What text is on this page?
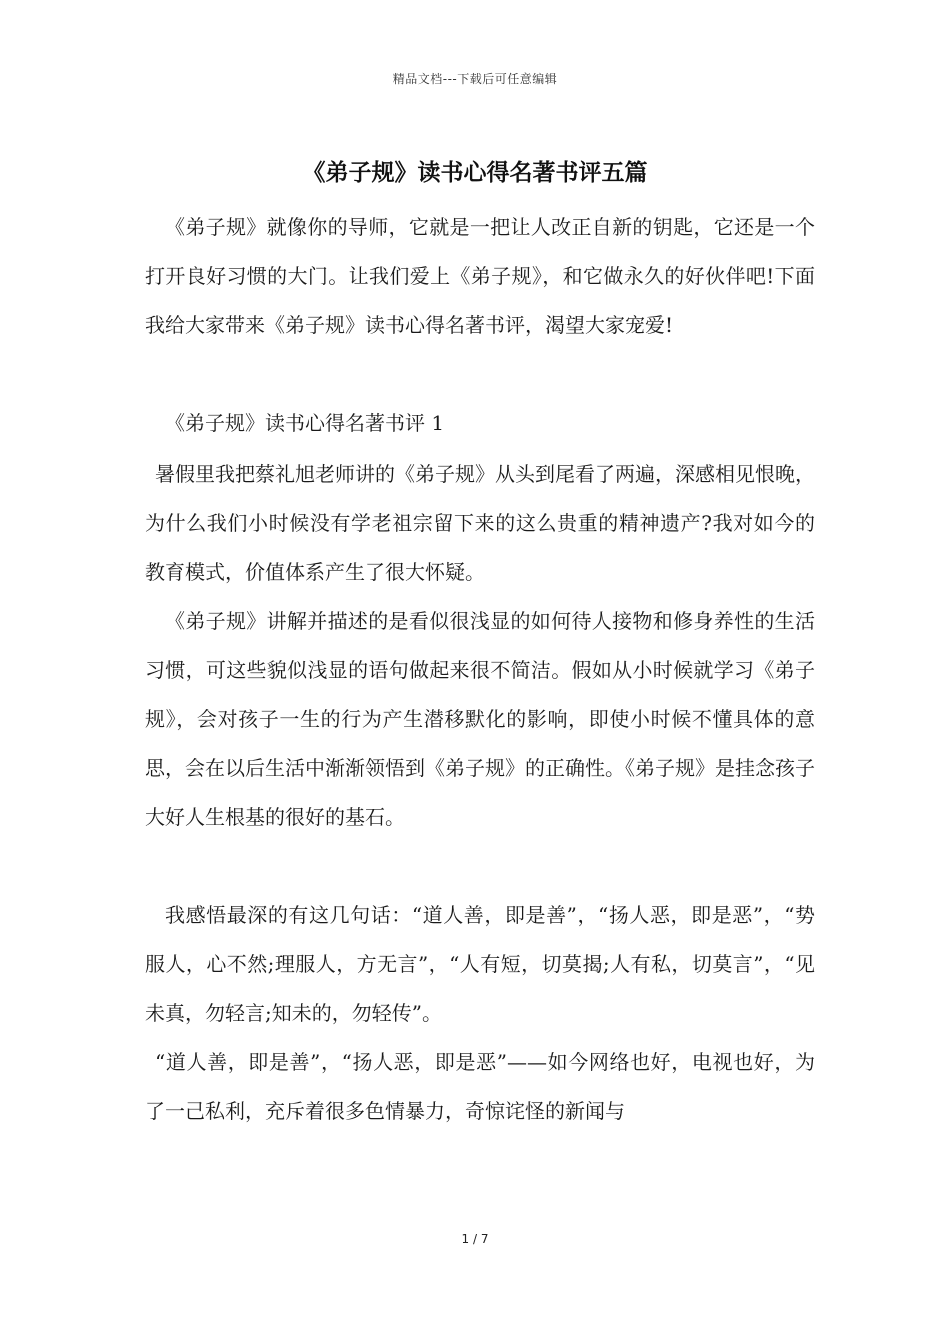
精品文档---下载后可任意编辑
《弟子规》读书心得名著书评五篇

《弟子规》就像你的导师，它就是一把让人改正自新的钥匙，它还是一个打开良好习惯的大门。让我们爱上《弟子规》，和它做永久的好伙伴吧!下面我给大家带来《弟子规》读书心得名著书评，渴望大家宠爱!

《弟子规》读书心得名著书评 1

暑假里我把蔡礼旭老师讲的《弟子规》从头到尾看了两遍，深感相见恨晚，为什么我们小时候没有学老祖宗留下来的这么贵重的精神遗产?我对如今的教育模式，价值体系产生了很大怀疑。

《弟子规》讲解并描述的是看似很浅显的如何待人接物和修身养性的生活习惯，可这些貌似浅显的语句做起来很不简洁。假如从小时候就学习《弟子规》，会对孩子一生的行为产生潜移默化的影响，即使小时候不懂具体的意思，会在以后生活中渐渐领悟到《弟子规》的正确性。《弟子规》是挂念孩子大好人生根基的很好的基石。

我感悟最深的有这几句话：“道人善，即是善”，“扬人恶，即是恶”，“势服人，心不然;理服人，方无言”，“人有短，切莫揭;人有私，切莫言”，“见未真，勿轻言;知未的，勿轻传”。

“道人善，即是善”，“扬人恶，即是恶”——如今网络也好，电视也好，为了一己私利，充斥着很多色情暴力，奇惊诧怪的新闻与

1 / 7
